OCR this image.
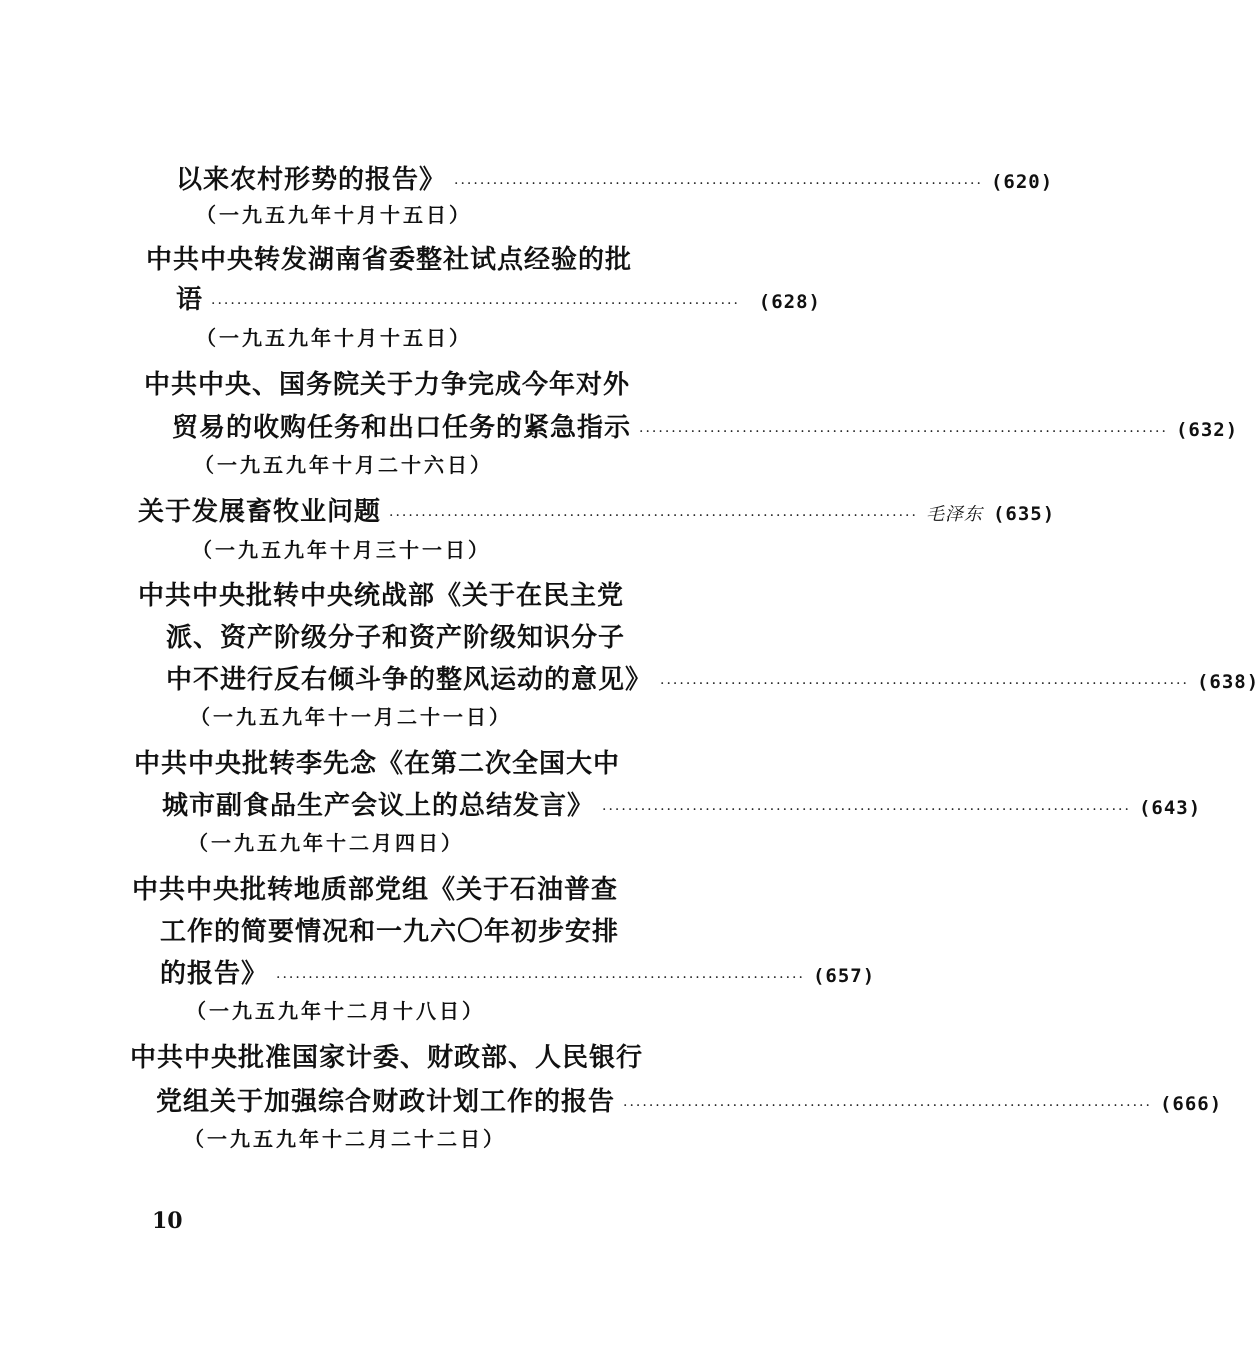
以来农村形势的报告》 ·················································································· (620)
（一九五九年十月十五日）
中共中央转发湖南省委整社试点经验的批
语 ·················································································· (628)
（一九五九年十月十五日）
中共中央、国务院关于力争完成今年对外
贸易的收购任务和出口任务的紧急指示 ·················································································· (632)
（一九五九年十月二十六日）
关于发展畜牧业问题 ·················································································· 毛泽东 (635)
（一九五九年十月三十一日）
中共中央批转中央统战部《关于在民主党
派、资产阶级分子和资产阶级知识分子
中不进行反右倾斗争的整风运动的意见》 ·················································································· (638)
（一九五九年十一月二十一日）
中共中央批转李先念《在第二次全国大中
城市副食品生产会议上的总结发言》 ·················································································· (643)
（一九五九年十二月四日）
中共中央批转地质部党组《关于石油普查
工作的简要情况和一九六〇年初步安排
的报告》 ·················································································· (657)
（一九五九年十二月十八日）
中共中央批准国家计委、财政部、人民银行
党组关于加强综合财政计划工作的报告 ·················································································· (666)
（一九五九年十二月二十二日）
10
